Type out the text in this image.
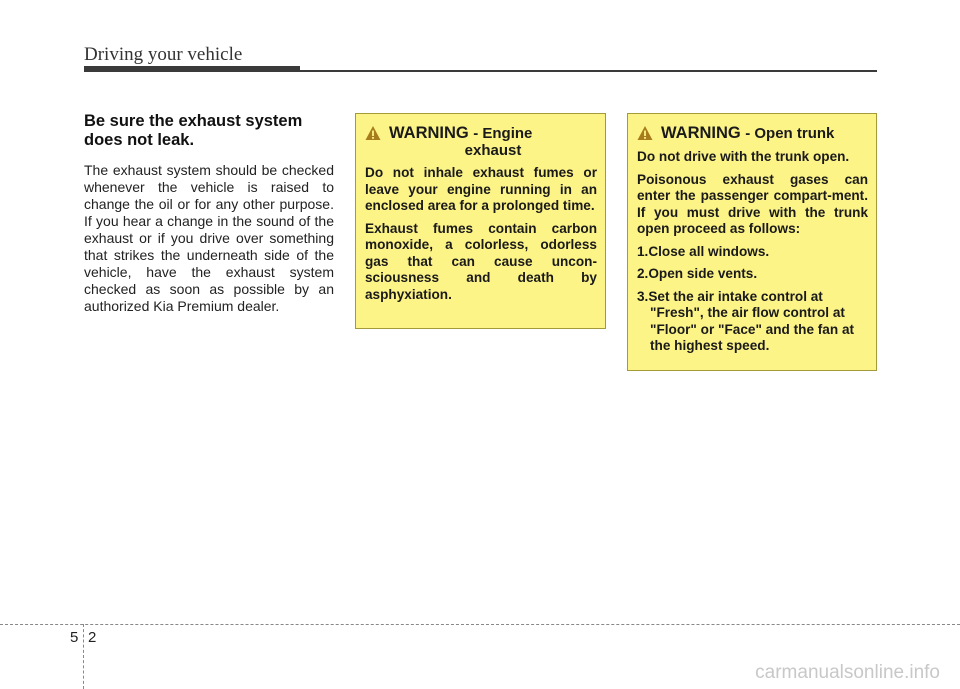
Driving your vehicle
Be sure the exhaust system does not leak.

The exhaust system should be checked whenever the vehicle is raised to change the oil or for any other purpose. If you hear a change in the sound of the exhaust or if you drive over something that strikes the underneath side of the vehicle, have the exhaust system checked as soon as possible by an authorized Kia Premium dealer.

WARNING - Engine
exhaust

Do not inhale exhaust fumes or leave your engine running in an enclosed area for a prolonged time.

Exhaust fumes contain carbon monoxide, a colorless, odorless gas that can cause uncon-sciousness and death by asphyxiation.

WARNING - Open trunk

Do not drive with the trunk open.

Poisonous exhaust gases can enter the passenger compart-ment. If you must drive with the trunk open proceed as follows:

1.Close all windows.
2.Open side vents.
3.Set the air intake control at "Fresh", the air flow control at "Floor" or "Face" and the fan at the highest speed.
5 2
carmanualsonline.info
